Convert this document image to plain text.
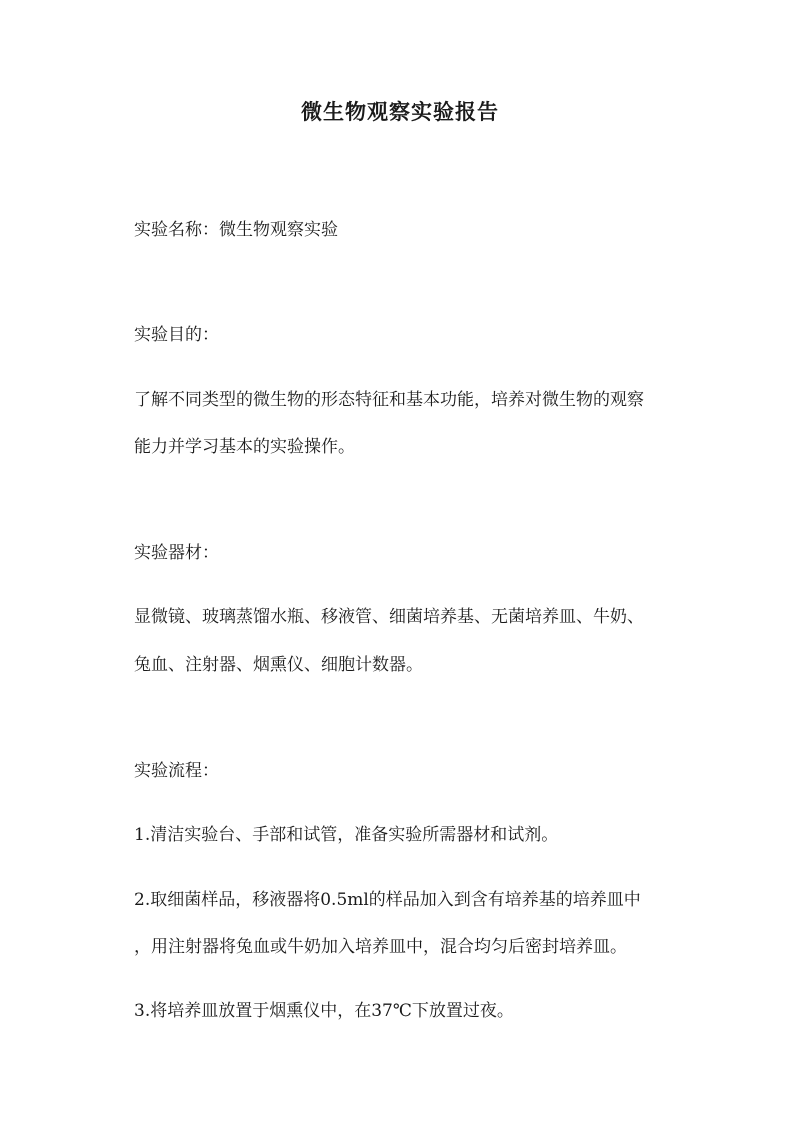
微生物观察实验报告
实验名称：微生物观察实验
实验目的：
了解不同类型的微生物的形态特征和基本功能，培养对微生物的观察
能力并学习基本的实验操作。
实验器材：
显微镜、玻璃蒸馏水瓶、移液管、细菌培养基、无菌培养皿、牛奶、
兔血、注射器、烟熏仪、细胞计数器。
实验流程：
1.清洁实验台、手部和试管，准备实验所需器材和试剂。
2.取细菌样品，移液器将0.5ml的样品加入到含有培养基的培养皿中
，用注射器将兔血或牛奶加入培养皿中，混合均匀后密封培养皿。
3.将培养皿放置于烟熏仪中，在37℃下放置过夜。
